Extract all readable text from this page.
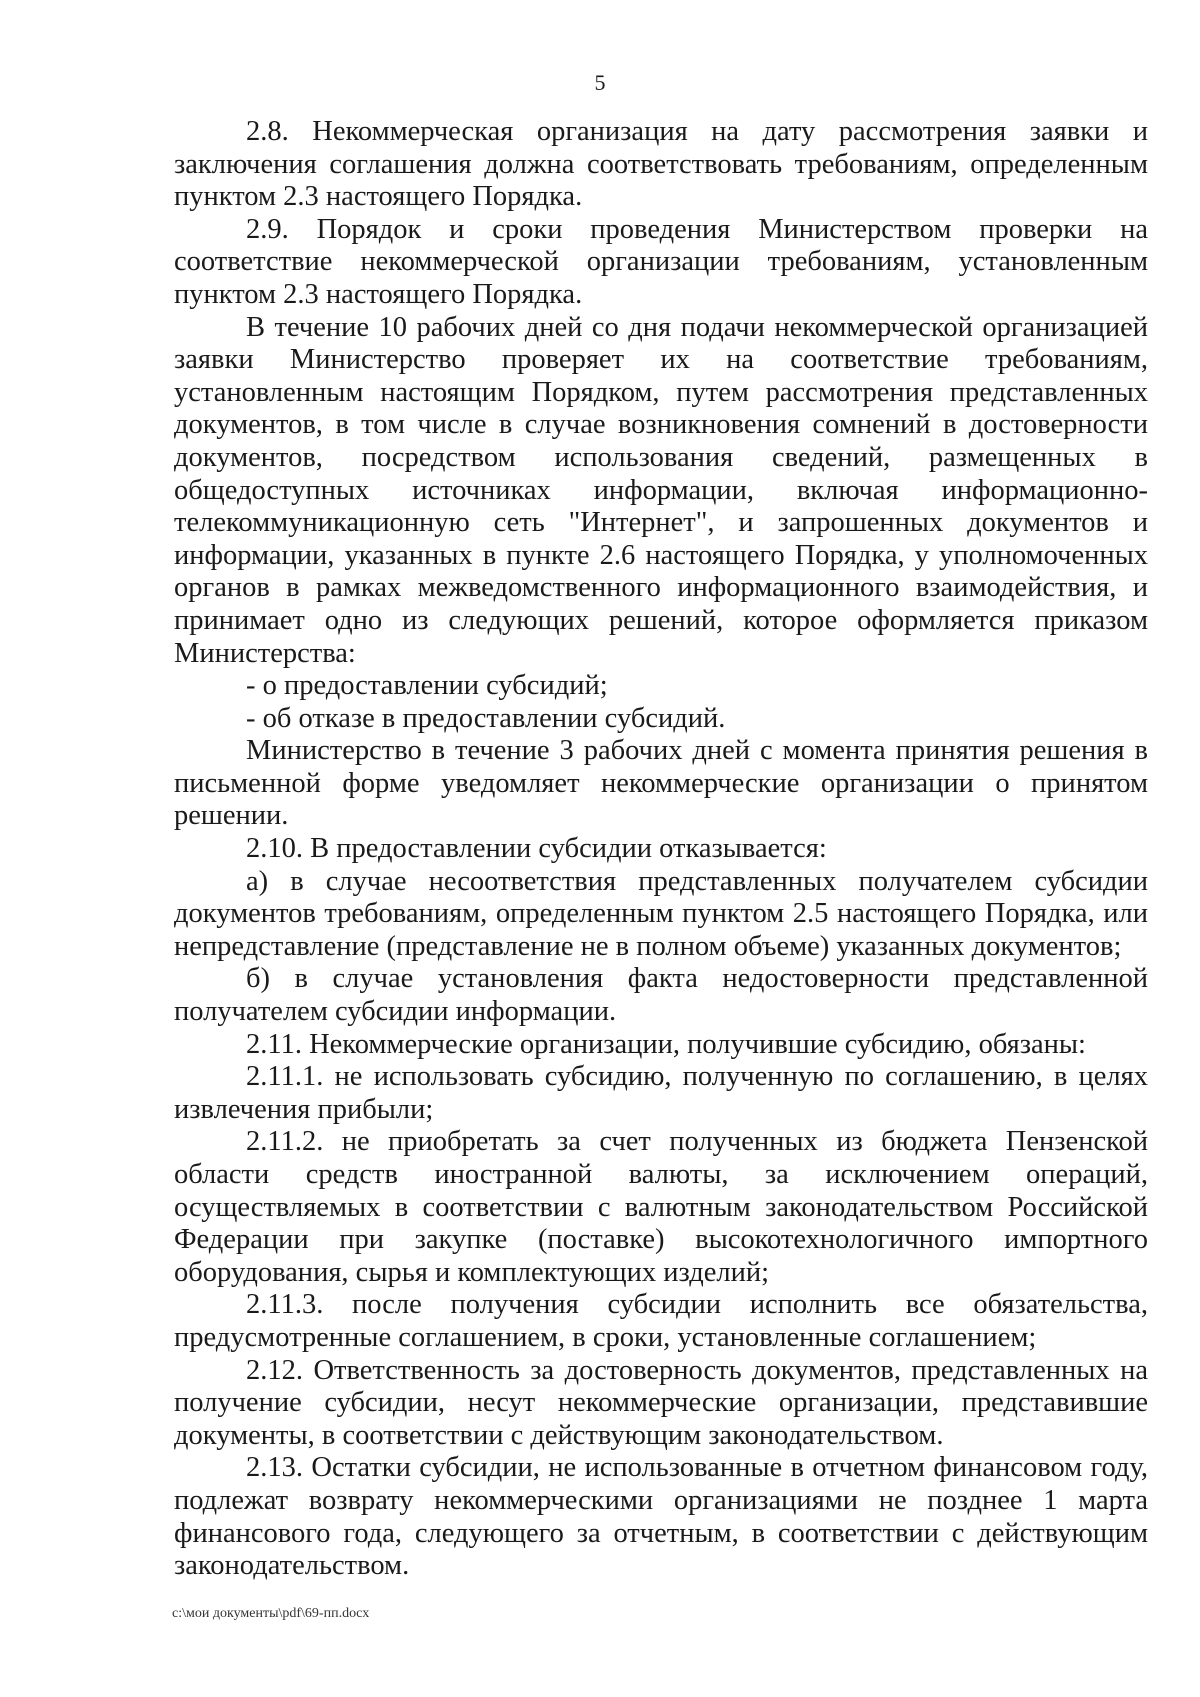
5

2.8. Некоммерческая организация на дату рассмотрения заявки и заключения соглашения должна соответствовать требованиям, определенным пунктом 2.3 настоящего Порядка.

2.9. Порядок и сроки проведения Министерством проверки на соответствие некоммерческой организации требованиям, установленным пунктом 2.3 настоящего Порядка.

В течение 10 рабочих дней со дня подачи некоммерческой организацией заявки Министерство проверяет их на соответствие требованиям, установленным настоящим Порядком, путем рассмотрения представленных документов, в том числе в случае возникновения сомнений в достоверности документов, посредством использования сведений, размещенных в общедоступных источниках информации, включая информационно-телекоммуникационную сеть "Интернет", и запрошенных документов и информации, указанных в пункте 2.6 настоящего Порядка, у уполномоченных органов в рамках межведомственного информационного взаимодействия, и принимает одно из следующих решений, которое оформляется приказом Министерства:

- о предоставлении субсидий;

- об отказе в предоставлении субсидий.

Министерство в течение 3 рабочих дней с момента принятия решения в письменной форме уведомляет некоммерческие организации о принятом решении.

2.10. В предоставлении субсидии отказывается:

а) в случае несоответствия представленных получателем субсидии документов требованиям, определенным пунктом 2.5 настоящего Порядка, или непредставление (представление не в полном объеме) указанных документов;

б) в случае установления факта недостоверности представленной получателем субсидии информации.

2.11. Некоммерческие организации, получившие субсидию, обязаны:

2.11.1. не использовать субсидию, полученную по соглашению, в целях извлечения прибыли;

2.11.2. не приобретать за счет полученных из бюджета Пензенской области средств иностранной валюты, за исключением операций, осуществляемых в соответствии с валютным законодательством Российской Федерации при закупке (поставке) высокотехнологичного импортного оборудования, сырья и комплектующих изделий;

2.11.3. после получения субсидии исполнить все обязательства, предусмотренные соглашением, в сроки, установленные соглашением;

2.12. Ответственность за достоверность документов, представленных на получение субсидии, несут некоммерческие организации, представившие документы, в соответствии с действующим законодательством.

2.13. Остатки субсидии, не использованные в отчетном финансовом году, подлежат возврату некоммерческими организациями не позднее 1 марта финансового года, следующего за отчетным, в соответствии с действующим законодательством.

c:\мои документы\pdf\69-пп.docx
